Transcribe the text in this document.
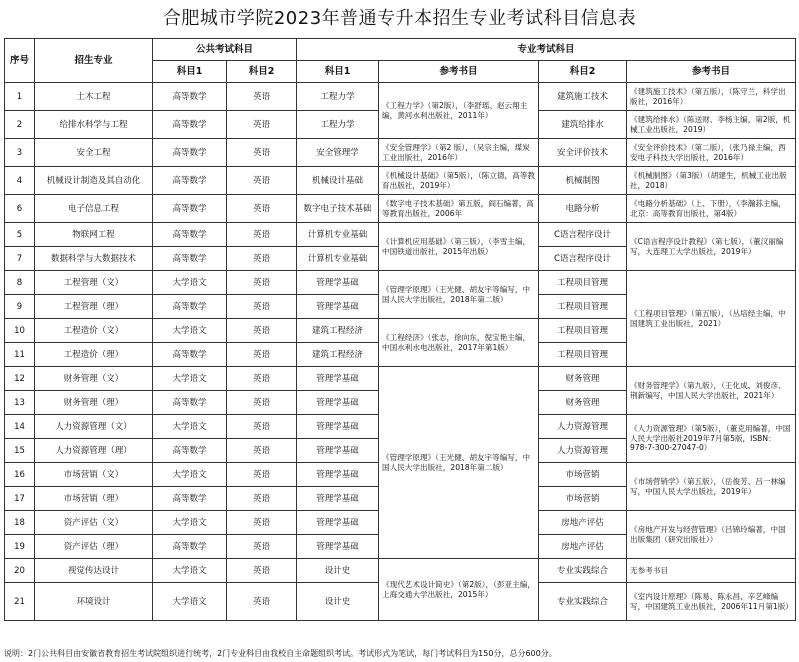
合肥城市学院2023年普通专升本招生专业考试科目信息表
序号	招生专业	公共考试科目		专业考试科目			
		科目1	科目2	科目1	参考书目	科目2	参考书目
1	土木工程	高等数学	英语	工程力学	《工程力学》（第2版），（李舒瑶、赵云翔主编，黄河水利出版社，2011年）	建筑施工技术	《建筑施工技术》（第五版），（陈守兰，科学出版社，2016年）
2	给排水科学与工程	高等数学	英语	工程力学		建筑给排水	《建筑给排水》（陈送财、李杨主编，第2版，机械工业出版社，2019）
3	安全工程	高等数学	英语	安全管理学	《安全管理学》（第2 版），（吴宗主编，煤炭工业出版社，2016年）	安全评价技术	《安全评价技术》（第二版），（张乃禄主编，西安电子科技大学出版社，2016年）
4	机械设计制造及其自动化	高等数学	英语	机械设计基础	《机械设计基础》（第5版），（陈立德，高等教育出版社，2019年）	机械制图	《机械制图》（第3版）（胡建生，机械工业出版社，2018）
6	电子信息工程	高等数学	英语	数字电子技术基础	《数字电子技术基础》第五版，阎石编著，高等教育出版社，2006年	电路分析	《电路分析基础》（上、下册），（李瀚荪主编，北京：高等教育出版社，第4版）
5	物联网工程	高等数学	英语	计算机专业基础	《计算机应用基础》（第三版），（李雪主编，中国铁道出版社，2015年出版）	C语言程序设计	《C语言程序设计教程》（第七版），（董汉丽编写，大连理工大学出版社，2019年）
7	数据科学与大数据技术	高等数学	英语	计算机专业基础		C语言程序设计	
8	工程管理（文）	大学语文	英语	管理学基础	《管理学原理》（王光健、胡友宇等编写，中国人民大学出版社，2018年第二版）	工程项目管理	《工程项目管理》（第五版），（丛培经主编，中国建筑工业出版社，2021）
9	工程管理（理）	高等数学	英语	管理学基础		工程项目管理	
10	工程造价（文）	大学语文	英语	建筑工程经济	《工程经济》（张志，徐向东，倪宝艳主编，中国水利水电出版社，2017年第1版）	工程项目管理	
11	工程造价（理）	高等数学	英语	建筑工程经济		工程项目管理	
12	财务管理（文）	大学语文	英语	管理学基础	《管理学原理》（王光健、胡友宇等编写，中国人民大学出版社，2018年第二版）	财务管理	《财务管理学》（第九版），（王化成、刘俊彦、荆新编写，中国人民大学出版社，2021年）
13	财务管理（理）	高等数学	英语	管理学基础		财务管理	
14	人力资源管理（文）	大学语文	英语	管理学基础		人力资源管理	《人力资源管理》（第5版），（董克用编著，中国人民大学出版社2019年7月第5版，ISBN：978-7-300-27047-0）
15	人力资源管理（理）	高等数学	英语	管理学基础		人力资源管理	
16	市场营销（文）	大学语文	英语	管理学基础		市场营销	《市场营销学》（第五版），（岳俊芳、吕一林编写，中国人民大学出版社，2019年）
17	市场营销（理）	高等数学	英语	管理学基础		市场营销	
18	资产评估（文）	大学语文	英语	管理学基础		房地产评估	《房地产开发与经营管理》（吕锦玲编著，中国出版集团（研究出版社））
19	资产评估（理）	高等数学	英语	管理学基础		房地产评估	
20	视觉传达设计	大学语文	英语	设计史	《现代艺术设计简史》（第2版），（彭亚主编，上海交通大学出版社，2015年）	专业实践综合	无参考书目
21	环境设计	大学语文	英语	设计史		专业实践综合	《室内设计原理》（陈易、陈永昌、辛艺峰编写，中国建筑工业出版社，2006年11月第1版）
说明：2门公共科目由安徽省教育招生考试院组织进行统考，2门专业科目由我校自主命题组织考试。考试形式为笔试，每门考试科目为150分，总分600分。
